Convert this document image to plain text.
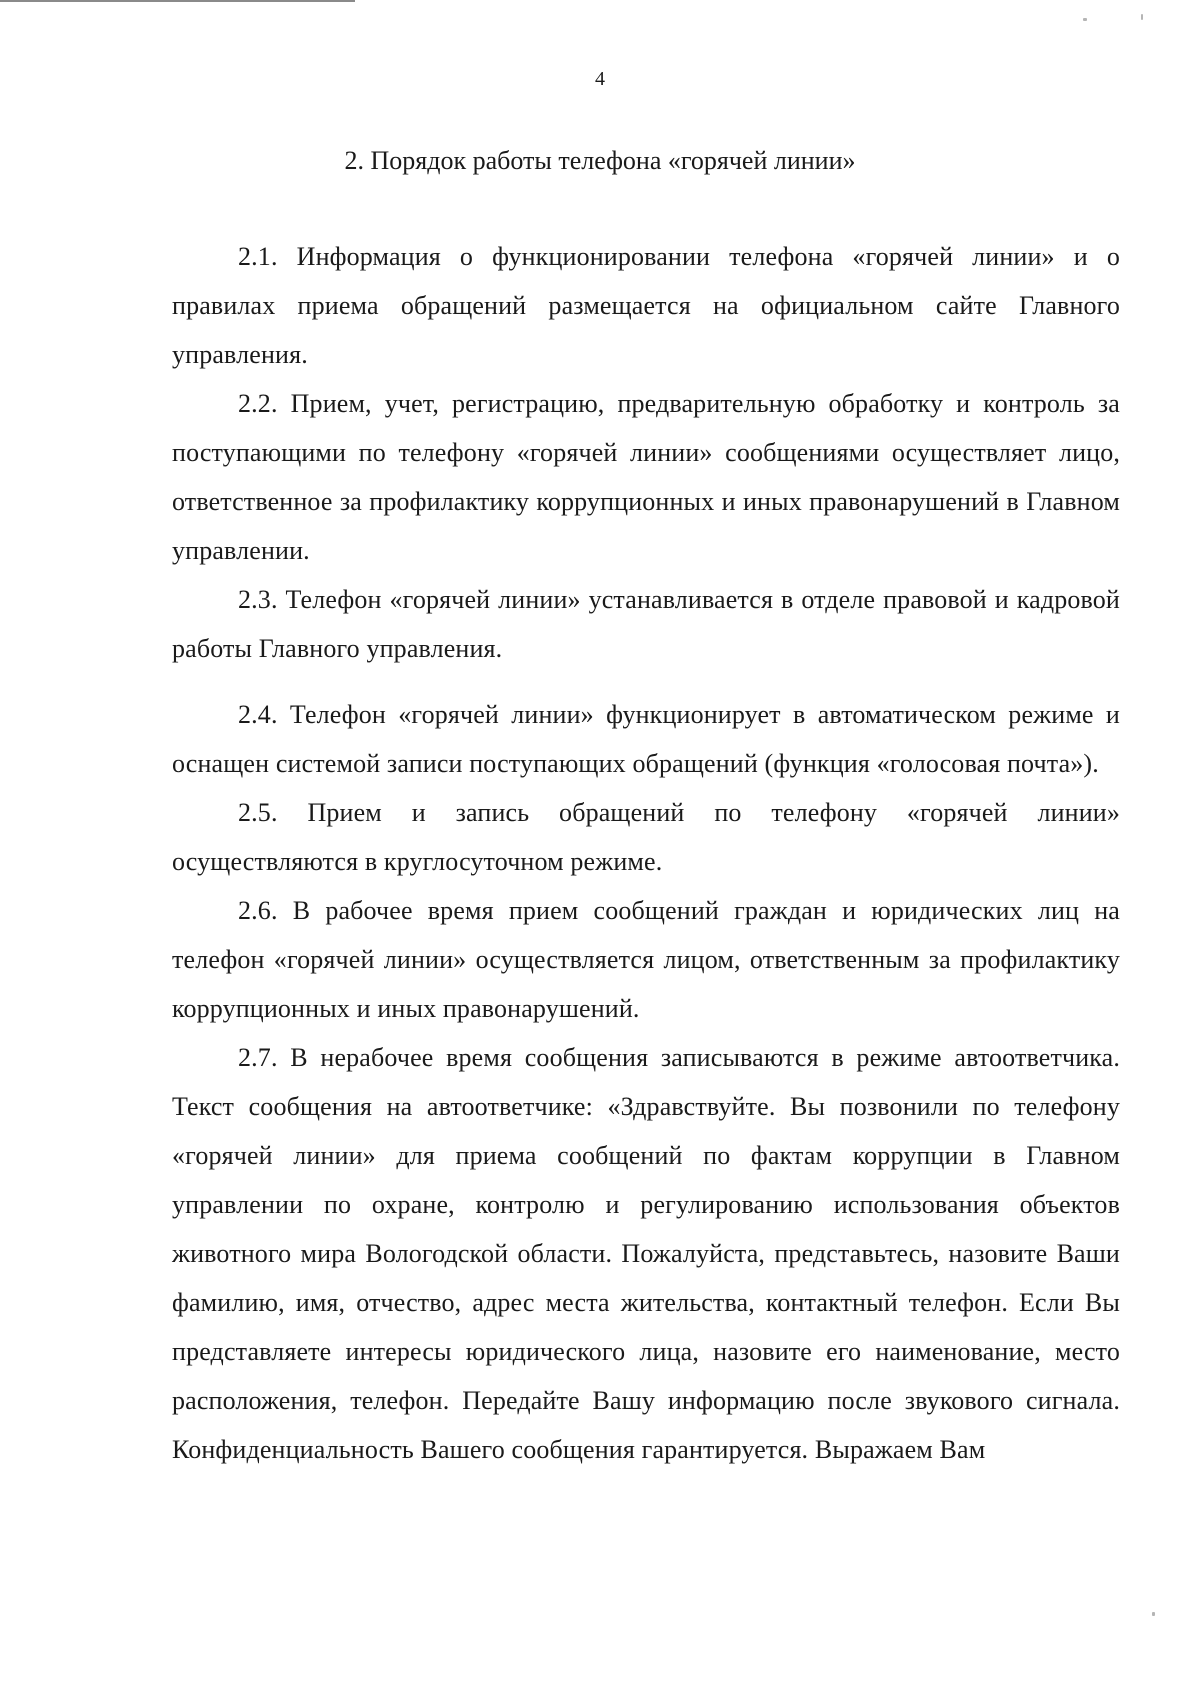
4
2. Порядок работы телефона «горячей линии»

2.1. Информация о функционировании телефона «горячей линии» и о правилах приема обращений размещается на официальном сайте Главного управления.

2.2. Прием, учет, регистрацию, предварительную обработку и контроль за поступающими по телефону «горячей линии» сообщениями осуществляет лицо, ответственное за профилактику коррупционных и иных правонарушений в Главном управлении.

2.3. Телефон «горячей линии» устанавливается в отделе правовой и кадровой работы Главного управления.

2.4. Телефон «горячей линии» функционирует в автоматическом режиме и оснащен системой записи поступающих обращений (функция «голосовая почта»).

2.5. Прием и запись обращений по телефону «горячей линии» осуществляются в круглосуточном режиме.

2.6. В рабочее время прием сообщений граждан и юридических лиц на телефон «горячей линии» осуществляется лицом, ответственным за профилактику коррупционных и иных правонарушений.

2.7. В нерабочее время сообщения записываются в режиме автоответчика. Текст сообщения на автоответчике: «Здравствуйте. Вы позвонили по телефону «горячей линии» для приема сообщений по фактам коррупции в Главном управлении по охране, контролю и регулированию использования объектов животного мира Вологодской области. Пожалуйста, представьтесь, назовите Ваши фамилию, имя, отчество, адрес места жительства, контактный телефон. Если Вы представляете интересы юридического лица, назовите его наименование, место расположения, телефон. Передайте Вашу информацию после звукового сигнала. Конфиденциальность Вашего сообщения гарантируется. Выражаем Вам
